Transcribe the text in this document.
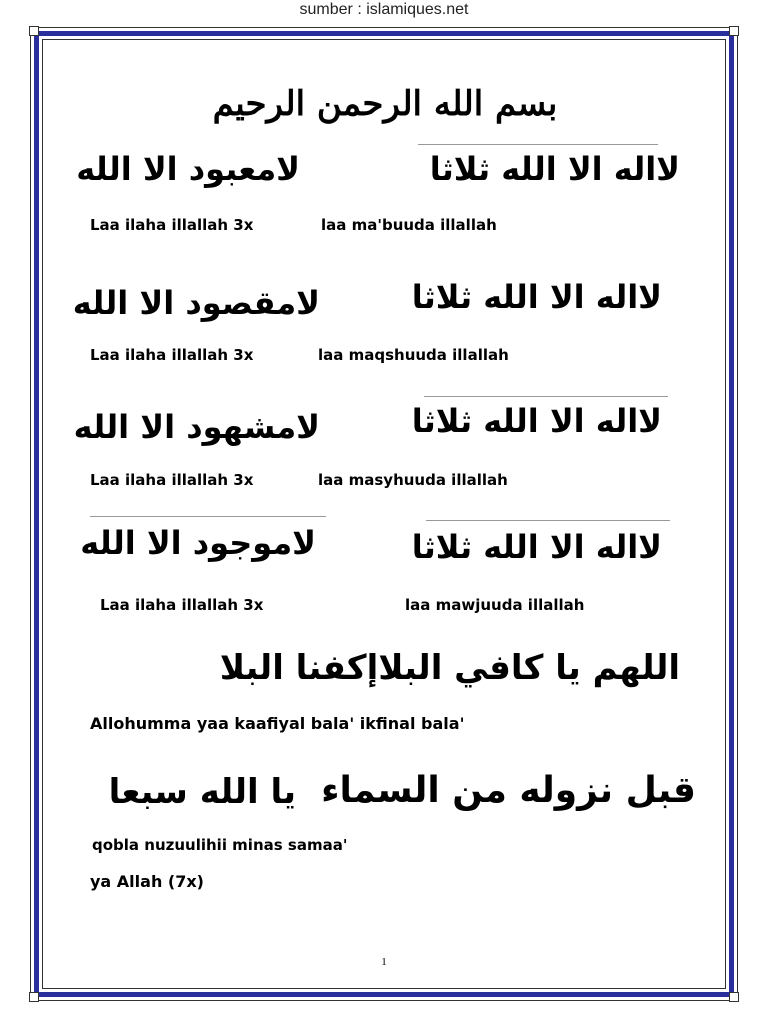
sumber : islamiques.net
بسم الله الرحمن الرحيم
لااله الا الله ثلاثا
لامعبود الا الله
Laa ilaha illallah 3x	laa ma'buuda illallah
لااله الا الله ثلاثا
لامقصود الا الله
Laa ilaha illallah 3x	laa maqshuuda illallah
لااله الا الله ثلاثا
لامشهود الا الله
Laa ilaha illallah 3x	laa masyhuuda illallah
لااله الا الله ثلاثا
لاموجود الا الله
Laa ilaha illallah 3x	laa mawjuuda illallah
اللهم يا كافي البلاإكفنا البلا
Allohumma yaa kaafiyal bala' ikfinal bala'
قبل نزوله من السماء
يا الله سبعا
qobla nuzuulihii minas samaa'
ya Allah (7x)
1
